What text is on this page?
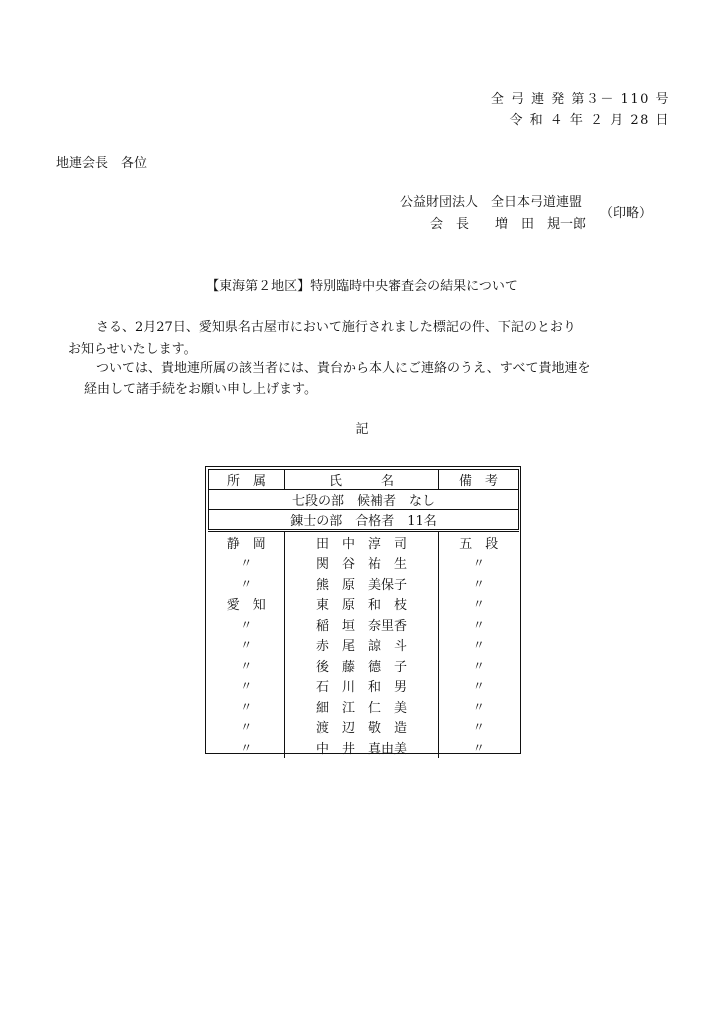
全 弓 連 発 第３－ 110 号
令 和 ４ 年 ２ 月 28 日
地連会長　各位
公益財団法人　全日本弓道連盟
会　長　　増　田　規一郎
（印略）
【東海第２地区】特別臨時中央審査会の結果について
さる、2月27日、愛知県名古屋市において施行されました標記の件、下記のとおり
お知らせいたします。
ついては、貴地連所属の該当者には、貴台から本人にご連絡のうえ、すべて貴地連を
経由して諸手続をお願い申し上げます。
記
所　属	氏　　　名	備　考
七段の部　候補者　なし		
錬士の部　合格者　11名		
静　岡	田　中　淳　司	五　段
〃	関　谷　祐　生	〃
〃	熊　原　美保子	〃
愛　知	東　原　和　枝	〃
〃	稲　垣　奈里香	〃
〃	赤　尾　諒　斗	〃
〃	後　藤　德　子	〃
〃	石　川　和　男	〃
〃	細　江　仁　美	〃
〃	渡　辺　敬　造	〃
〃	中　井　真由美	〃
